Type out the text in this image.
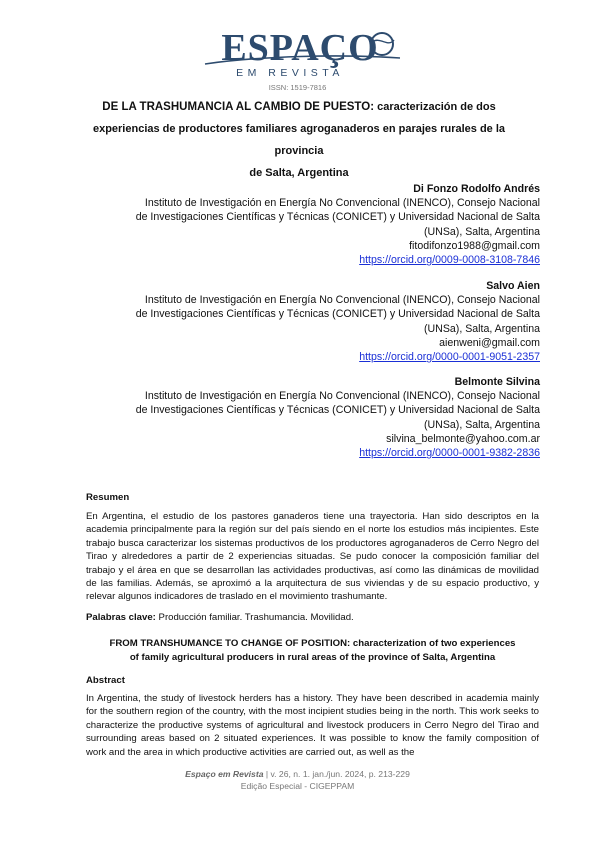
ESPAÇO
EM REVISTA
ISSN: 1519-7816
DE LA TRASHUMANCIA AL CAMBIO DE PUESTO: caracterización de dos
experiencias de productores familiares agroganaderos en parajes rurales de la provincia
de Salta, Argentina
Di Fonzo Rodolfo Andrés
Instituto de Investigación en Energía No Convencional (INENCO), Consejo Nacional
de Investigaciones Científicas y Técnicas (CONICET) y Universidad Nacional de Salta
(UNSa), Salta, Argentina
fitodifonzo1988@gmail.com
https://orcid.org/0009-0008-3108-7846
Salvo Aien
Instituto de Investigación en Energía No Convencional (INENCO), Consejo Nacional
de Investigaciones Científicas y Técnicas (CONICET) y Universidad Nacional de Salta
(UNSa), Salta, Argentina
aienweni@gmail.com
https://orcid.org/0000-0001-9051-2357
Belmonte Silvina
Instituto de Investigación en Energía No Convencional (INENCO), Consejo Nacional
de Investigaciones Científicas y Técnicas (CONICET) y Universidad Nacional de Salta
(UNSa), Salta, Argentina
silvina_belmonte@yahoo.com.ar
https://orcid.org/0000-0001-9382-2836
Resumen
En Argentina, el estudio de los pastores ganaderos tiene una trayectoria. Han sido descriptos en la academia principalmente para la región sur del país siendo en el norte los estudios más incipientes. Este trabajo busca caracterizar los sistemas productivos de los productores agroganaderos de Cerro Negro del Tirao y alrededores a partir de 2 experiencias situadas. Se pudo conocer la composición familiar del trabajo y el área en que se desarrollan las actividades productivas, así como las dinámicas de movilidad de las familias. Además, se aproximó a la arquitectura de sus viviendas y de su espacio productivo, y relevar algunos indicadores de traslado en el movimiento trashumante.
Palabras clave: Producción familiar. Trashumancia. Movilidad.
FROM TRANSHUMANCE TO CHANGE OF POSITION: characterization of two experiences
of family agricultural producers in rural areas of the province of Salta, Argentina
Abstract
In Argentina, the study of livestock herders has a history. They have been described in academia mainly for the southern region of the country, with the most incipient studies being in the north. This work seeks to characterize the productive systems of agricultural and livestock producers in Cerro Negro del Tirao and surrounding areas based on 2 situated experiences. It was possible to know the family composition of work and the area in which productive activities are carried out, as well as the
Espaço em Revista | v. 26, n. 1. jan./jun. 2024, p. 213-229
Edição Especial - CIGEPPAM
